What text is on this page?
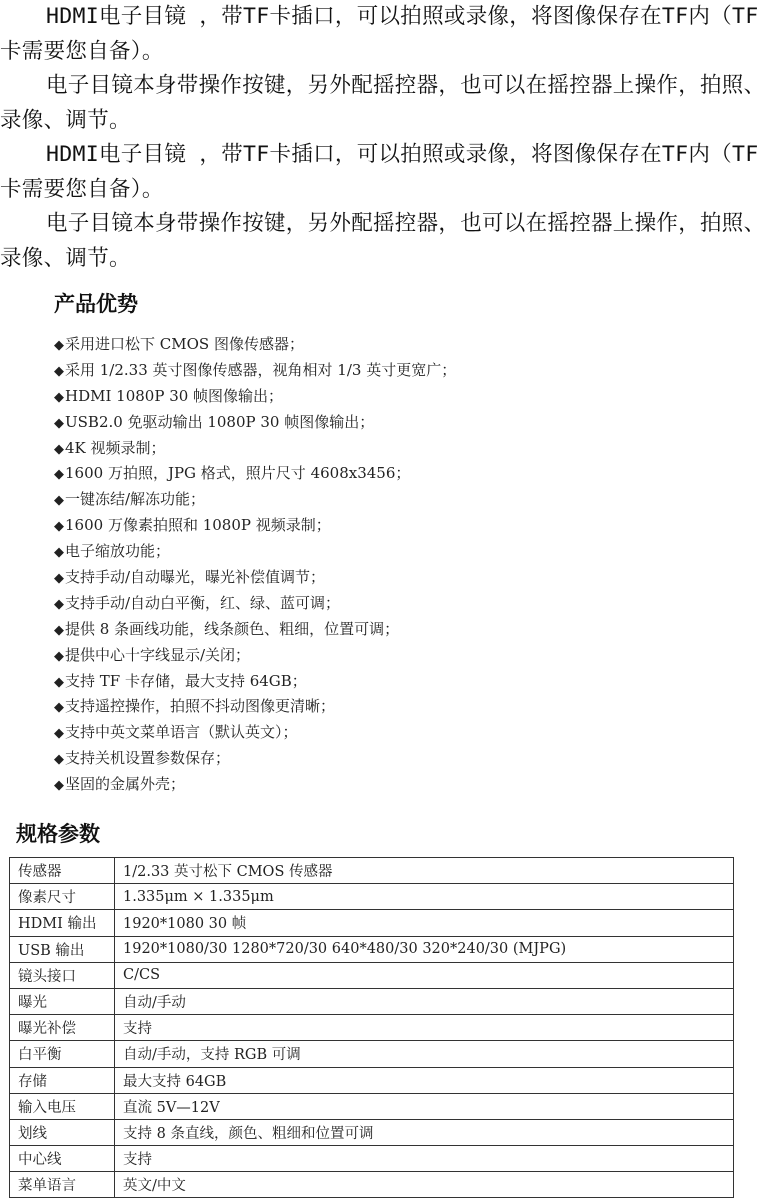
HDMI电子目镜 ，带TF卡插口，可以拍照或录像，将图像保存在TF内（TF卡需要您自备）。

电子目镜本身带操作按键，另外配摇控器，也可以在摇控器上操作，拍照、录像、调节。

HDMI电子目镜 ，带TF卡插口，可以拍照或录像，将图像保存在TF内（TF卡需要您自备）。

电子目镜本身带操作按键，另外配摇控器，也可以在摇控器上操作，拍照、录像、调节。

产品优势
◆采用进口松下 CMOS 图像传感器；
◆采用 1/2.33 英寸图像传感器，视角相对 1/3 英寸更宽广；
◆HDMI 1080P 30 帧图像输出；
◆USB2.0 免驱动输出 1080P 30 帧图像输出；
◆4K 视频录制；
◆1600 万拍照，JPG 格式，照片尺寸 4608x3456；
◆一键冻结/解冻功能；
◆1600 万像素拍照和 1080P 视频录制；
◆电子缩放功能；
◆支持手动/自动曝光，曝光补偿值调节；
◆支持手动/自动白平衡，红、绿、蓝可调；
◆提供 8 条画线功能，线条颜色、粗细，位置可调；
◆提供中心十字线显示/关闭；
◆支持 TF 卡存储，最大支持 64GB；
◆支持遥控操作，拍照不抖动图像更清晰；
◆支持中英文菜单语言（默认英文）；
◆支持关机设置参数保存；
◆坚固的金属外壳；
规格参数
传感器	1/2.33 英寸松下 CMOS 传感器
像素尺寸	1.335μm × 1.335μm
HDMI 输出	1920*1080 30 帧
USB 输出	1920*1080/30 1280*720/30 640*480/30 320*240/30 (MJPG)
镜头接口	C/CS
曝光	自动/手动
曝光补偿	支持
白平衡	自动/手动，支持 RGB 可调
存储	最大支持 64GB
输入电压	直流 5V—12V
划线	支持 8 条直线，颜色、粗细和位置可调
中心线	支持
菜单语言	英文/中文
